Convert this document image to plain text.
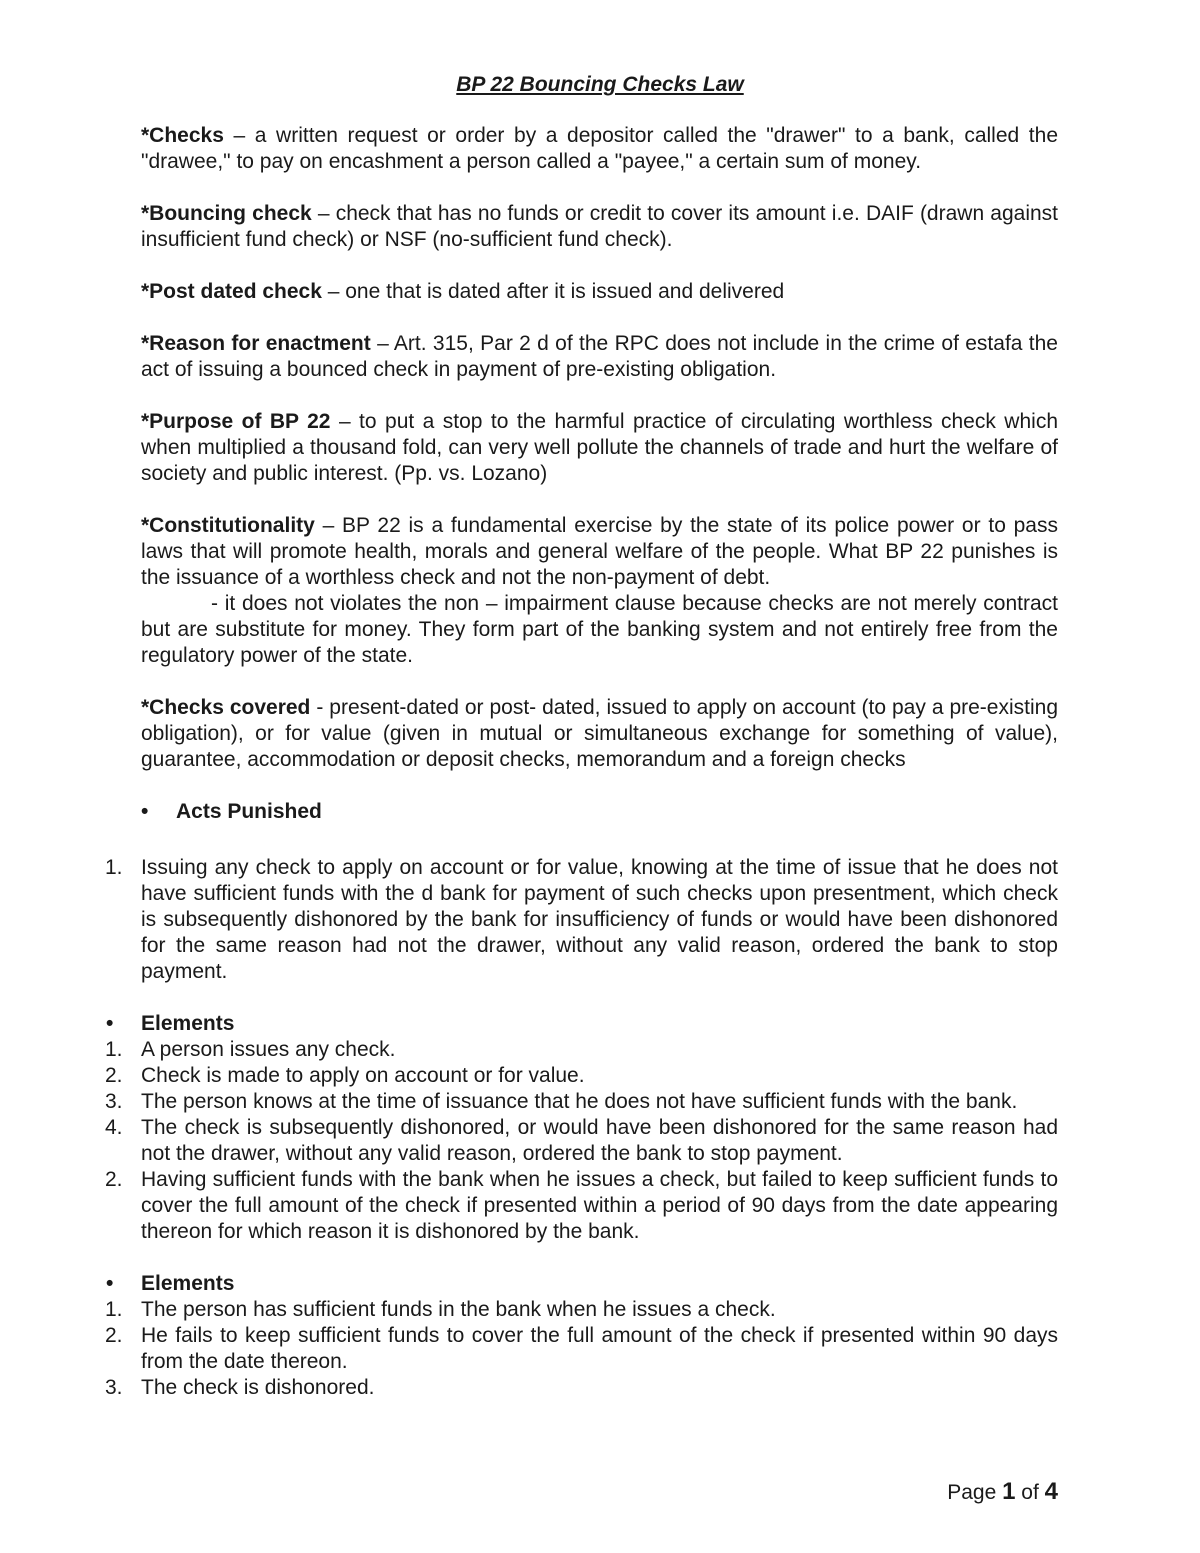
BP 22 Bouncing Checks Law

*Checks – a written request or order by a depositor called the "drawer" to a bank, called the "drawee," to pay on encashment a person called a "payee," a certain sum of money.

*Bouncing check – check that has no funds or credit to cover its amount i.e. DAIF (drawn against insufficient fund check) or NSF (no-sufficient fund check).

*Post dated check – one that is dated after it is issued and delivered

*Reason for enactment – Art. 315, Par 2 d of the RPC does not include in the crime of estafa the act of issuing a bounced check in payment of pre-existing obligation.

*Purpose of BP 22 – to put a stop to the harmful practice of circulating worthless check which when multiplied a thousand fold, can very well pollute the channels of trade and hurt the welfare of society and public interest. (Pp. vs. Lozano)

*Constitutionality – BP 22 is a fundamental exercise by the state of its police power or to pass laws that will promote health, morals and general welfare of the people. What BP 22 punishes is the issuance of a worthless check and not the non-payment of debt.

- it does not violates the non – impairment clause because checks are not merely contract but are substitute for money. They form part of the banking system and not entirely free from the regulatory power of the state.

*Checks covered - present-dated or post- dated, issued to apply on account (to pay a pre-existing obligation), or for value (given in mutual or simultaneous exchange for something of value), guarantee, accommodation or deposit checks, memorandum and a foreign checks

• Acts Punished
1. Issuing any check to apply on account or for value, knowing at the time of issue that he does not have sufficient funds with the d bank for payment of such checks upon presentment, which check is subsequently dishonored by the bank for insufficiency of funds or would have been dishonored for the same reason had not the drawer, without any valid reason, ordered the bank to stop payment.
• Elements
1. A person issues any check.
2. Check is made to apply on account or for value.
3. The person knows at the time of issuance that he does not have sufficient funds with the bank.
4. The check is subsequently dishonored, or would have been dishonored for the same reason had not the drawer, without any valid reason, ordered the bank to stop payment.
2. Having sufficient funds with the bank when he issues a check, but failed to keep sufficient funds to cover the full amount of the check if presented within a period of 90 days from the date appearing thereon for which reason it is dishonored by the bank.
• Elements
1. The person has sufficient funds in the bank when he issues a check.
2. He fails to keep sufficient funds to cover the full amount of the check if presented within 90 days from the date thereon.
3. The check is dishonored.
Page 1 of 4
